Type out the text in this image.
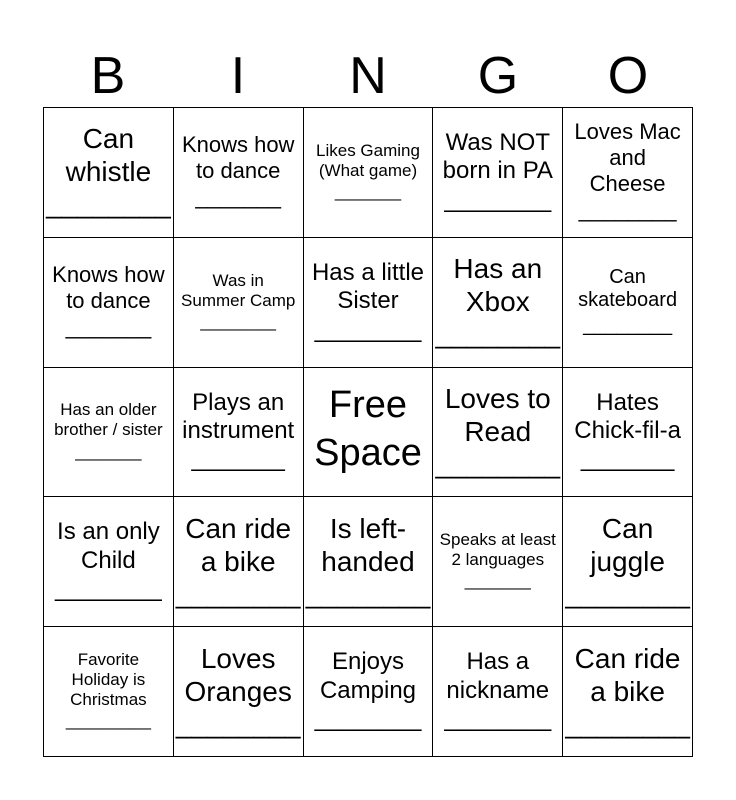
B	I	N	G	O
Can whistle
________
Knows how to dance
_______
Likes Gaming (What game)
_______
Was NOT born in PA
________
Loves Mac and Cheese
________
Knows how to dance
_______
Was in Summer Camp
________
Has a little Sister
________
Has an Xbox
________
Can skateboard
________
Has an older brother / sister
_______
Plays an instrument
_______
Free Space
Loves to Read
________
Hates Chick-fil-a
_______
Is an only Child
________
Can ride a bike
________
Is left-handed
________
Speaks at least 2 languages
_______
Can juggle
________
Favorite Holiday is Christmas
_________
Loves Oranges
________
Enjoys Camping
________
Has a nickname
________
Can ride a bike
________
